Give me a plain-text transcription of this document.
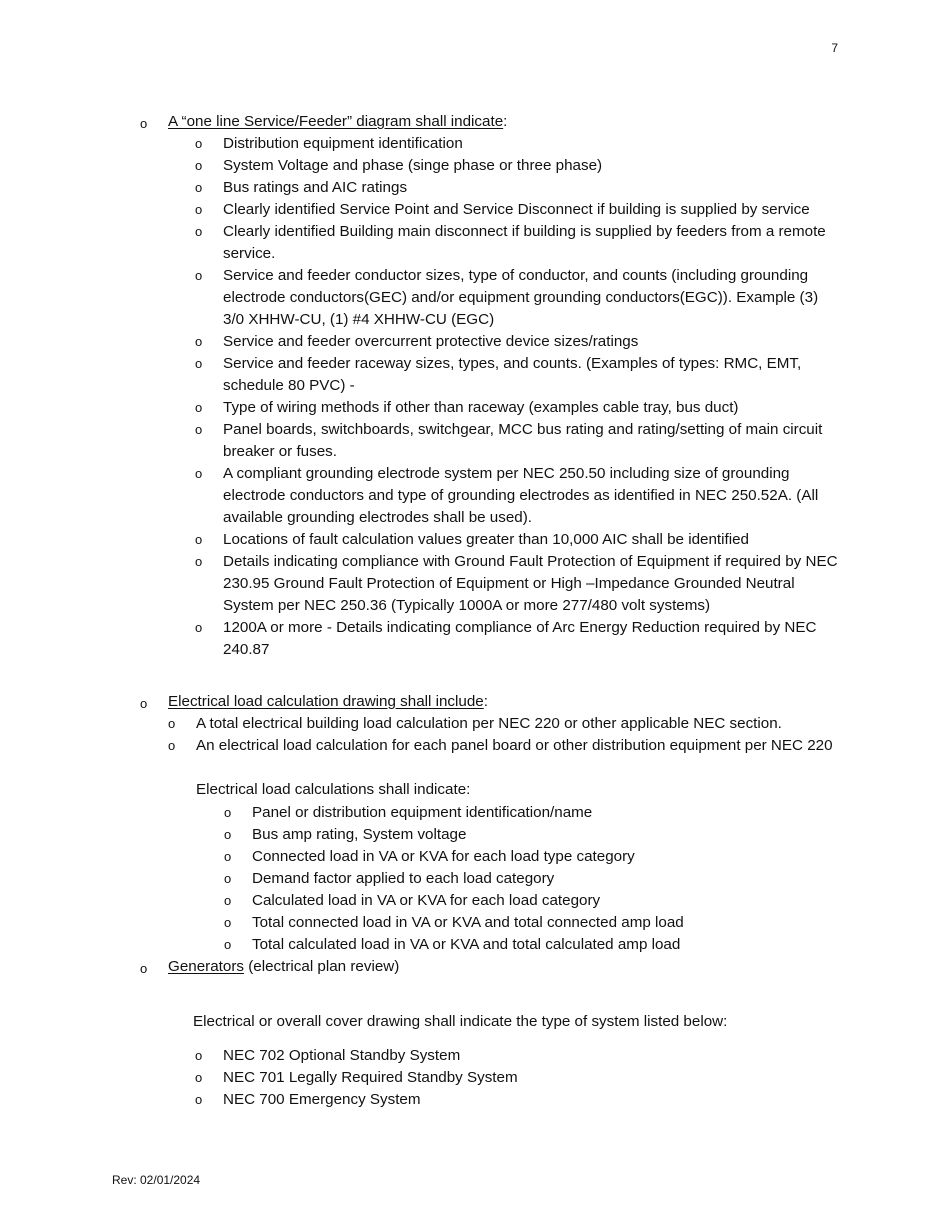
7
o	A “one line Service/Feeder” diagram shall indicate:
o Distribution equipment identification
o System Voltage and phase (singe phase or three phase)
o Bus ratings and AIC ratings
o Clearly identified Service Point and Service Disconnect if building is supplied by service
o Clearly identified Building main disconnect if building is supplied by feeders from a remote service.
o Service and feeder conductor sizes, type of conductor, and counts (including grounding electrode conductors(GEC) and/or equipment grounding conductors(EGC)). Example (3) 3/0 XHHW-CU, (1) #4 XHHW-CU (EGC)
o Service and feeder overcurrent protective device sizes/ratings
o Service and feeder raceway sizes, types, and counts. (Examples of types: RMC, EMT, schedule 80 PVC) -
o Type of wiring methods if other than raceway (examples cable tray, bus duct)
o Panel boards, switchboards, switchgear, MCC bus rating and rating/setting of main circuit breaker or fuses.
o A compliant grounding electrode system per NEC 250.50 including size of grounding electrode conductors and type of grounding electrodes as identified in NEC 250.52A. (All available grounding electrodes shall be used).
o Locations of fault calculation values greater than 10,000 AIC shall be identified
o Details indicating compliance with Ground Fault Protection of Equipment if required by NEC 230.95 Ground Fault Protection of Equipment or High –Impedance Grounded Neutral System per NEC 250.36 (Typically 1000A or more 277/480 volt systems)
o 1200A or more - Details indicating compliance of Arc Energy Reduction required by NEC 240.87
o	Electrical load calculation drawing shall include:
o A total electrical building load calculation per NEC 220 or other applicable NEC section.
o An electrical load calculation for each panel board or other distribution equipment per NEC 220
Electrical load calculations shall indicate:
o Panel or distribution equipment identification/name
o Bus amp rating, System voltage
o Connected load in VA or KVA for each load type category
o Demand factor applied to each load category
o Calculated load in VA or KVA for each load category
o Total connected load in VA or KVA and total connected amp load
o Total calculated load in VA or KVA and total calculated amp load
o	Generators (electrical plan review)
Electrical or overall cover drawing shall indicate the type of system listed below:
o NEC 702 Optional Standby System
o NEC 701 Legally Required Standby System
o NEC 700 Emergency System
Rev: 02/01/2024
